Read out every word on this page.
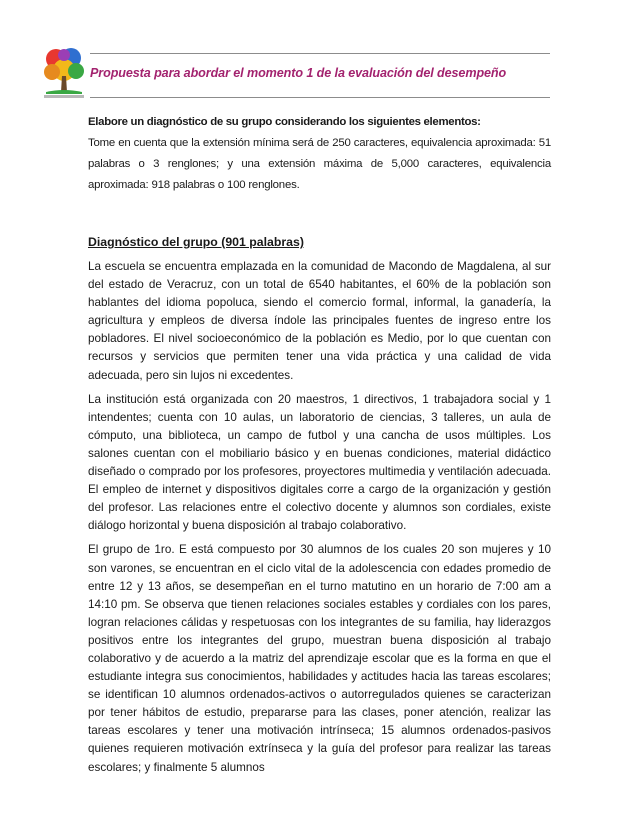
Propuesta para abordar el momento 1 de la evaluación del desempeño

Elabore un diagnóstico de su grupo considerando los siguientes elementos:

Tome en cuenta que la extensión mínima será de 250 caracteres, equivalencia aproximada: 51 palabras o 3 renglones; y una extensión máxima de 5,000 caracteres, equivalencia aproximada: 918 palabras o 100 renglones.

Diagnóstico del grupo (901 palabras)

La escuela se encuentra emplazada en la comunidad de Macondo de Magdalena, al sur del estado de Veracruz, con un total de 6540 habitantes, el 60% de la población son hablantes del idioma popoluca, siendo el comercio formal, informal, la ganadería, la agricultura y empleos de diversa índole las principales fuentes de ingreso entre los pobladores. El nivel socioeconómico de la población es Medio, por lo que cuentan con recursos y servicios que permiten tener una vida práctica y una calidad de vida adecuada, pero sin lujos ni excedentes.

La institución está organizada con 20 maestros, 1 directivos, 1 trabajadora social y 1 intendentes; cuenta con 10 aulas, un laboratorio de ciencias, 3 talleres, un aula de cómputo, una biblioteca, un campo de futbol y una cancha de usos múltiples. Los salones cuentan con el mobiliario básico y en buenas condiciones, material didáctico diseñado o comprado por los profesores, proyectores multimedia y ventilación adecuada. El empleo de internet y dispositivos digitales corre a cargo de la organización y gestión del profesor. Las relaciones entre el colectivo docente y alumnos son cordiales, existe diálogo horizontal y buena disposición al trabajo colaborativo.

El grupo de 1ro. E está compuesto por 30 alumnos de los cuales 20 son mujeres y 10 son varones, se encuentran en el ciclo vital de la adolescencia con edades promedio de entre 12 y 13 años, se desempeñan en el turno matutino en un horario de 7:00 am a 14:10 pm. Se observa que tienen relaciones sociales estables y cordiales con los pares, logran relaciones cálidas y respetuosas con los integrantes de su familia, hay liderazgos positivos entre los integrantes del grupo, muestran buena disposición al trabajo colaborativo y de acuerdo a la matriz del aprendizaje escolar que es la forma en que el estudiante integra sus conocimientos, habilidades y actitudes hacia las tareas escolares; se identifican 10 alumnos ordenados-activos o autorregulados quienes se caracterizan por tener hábitos de estudio, prepararse para las clases, poner atención, realizar las tareas escolares y tener una motivación intrínseca; 15 alumnos ordenados-pasivos quienes requieren motivación extrínseca y la guía del profesor para realizar las tareas escolares; y finalmente 5 alumnos
